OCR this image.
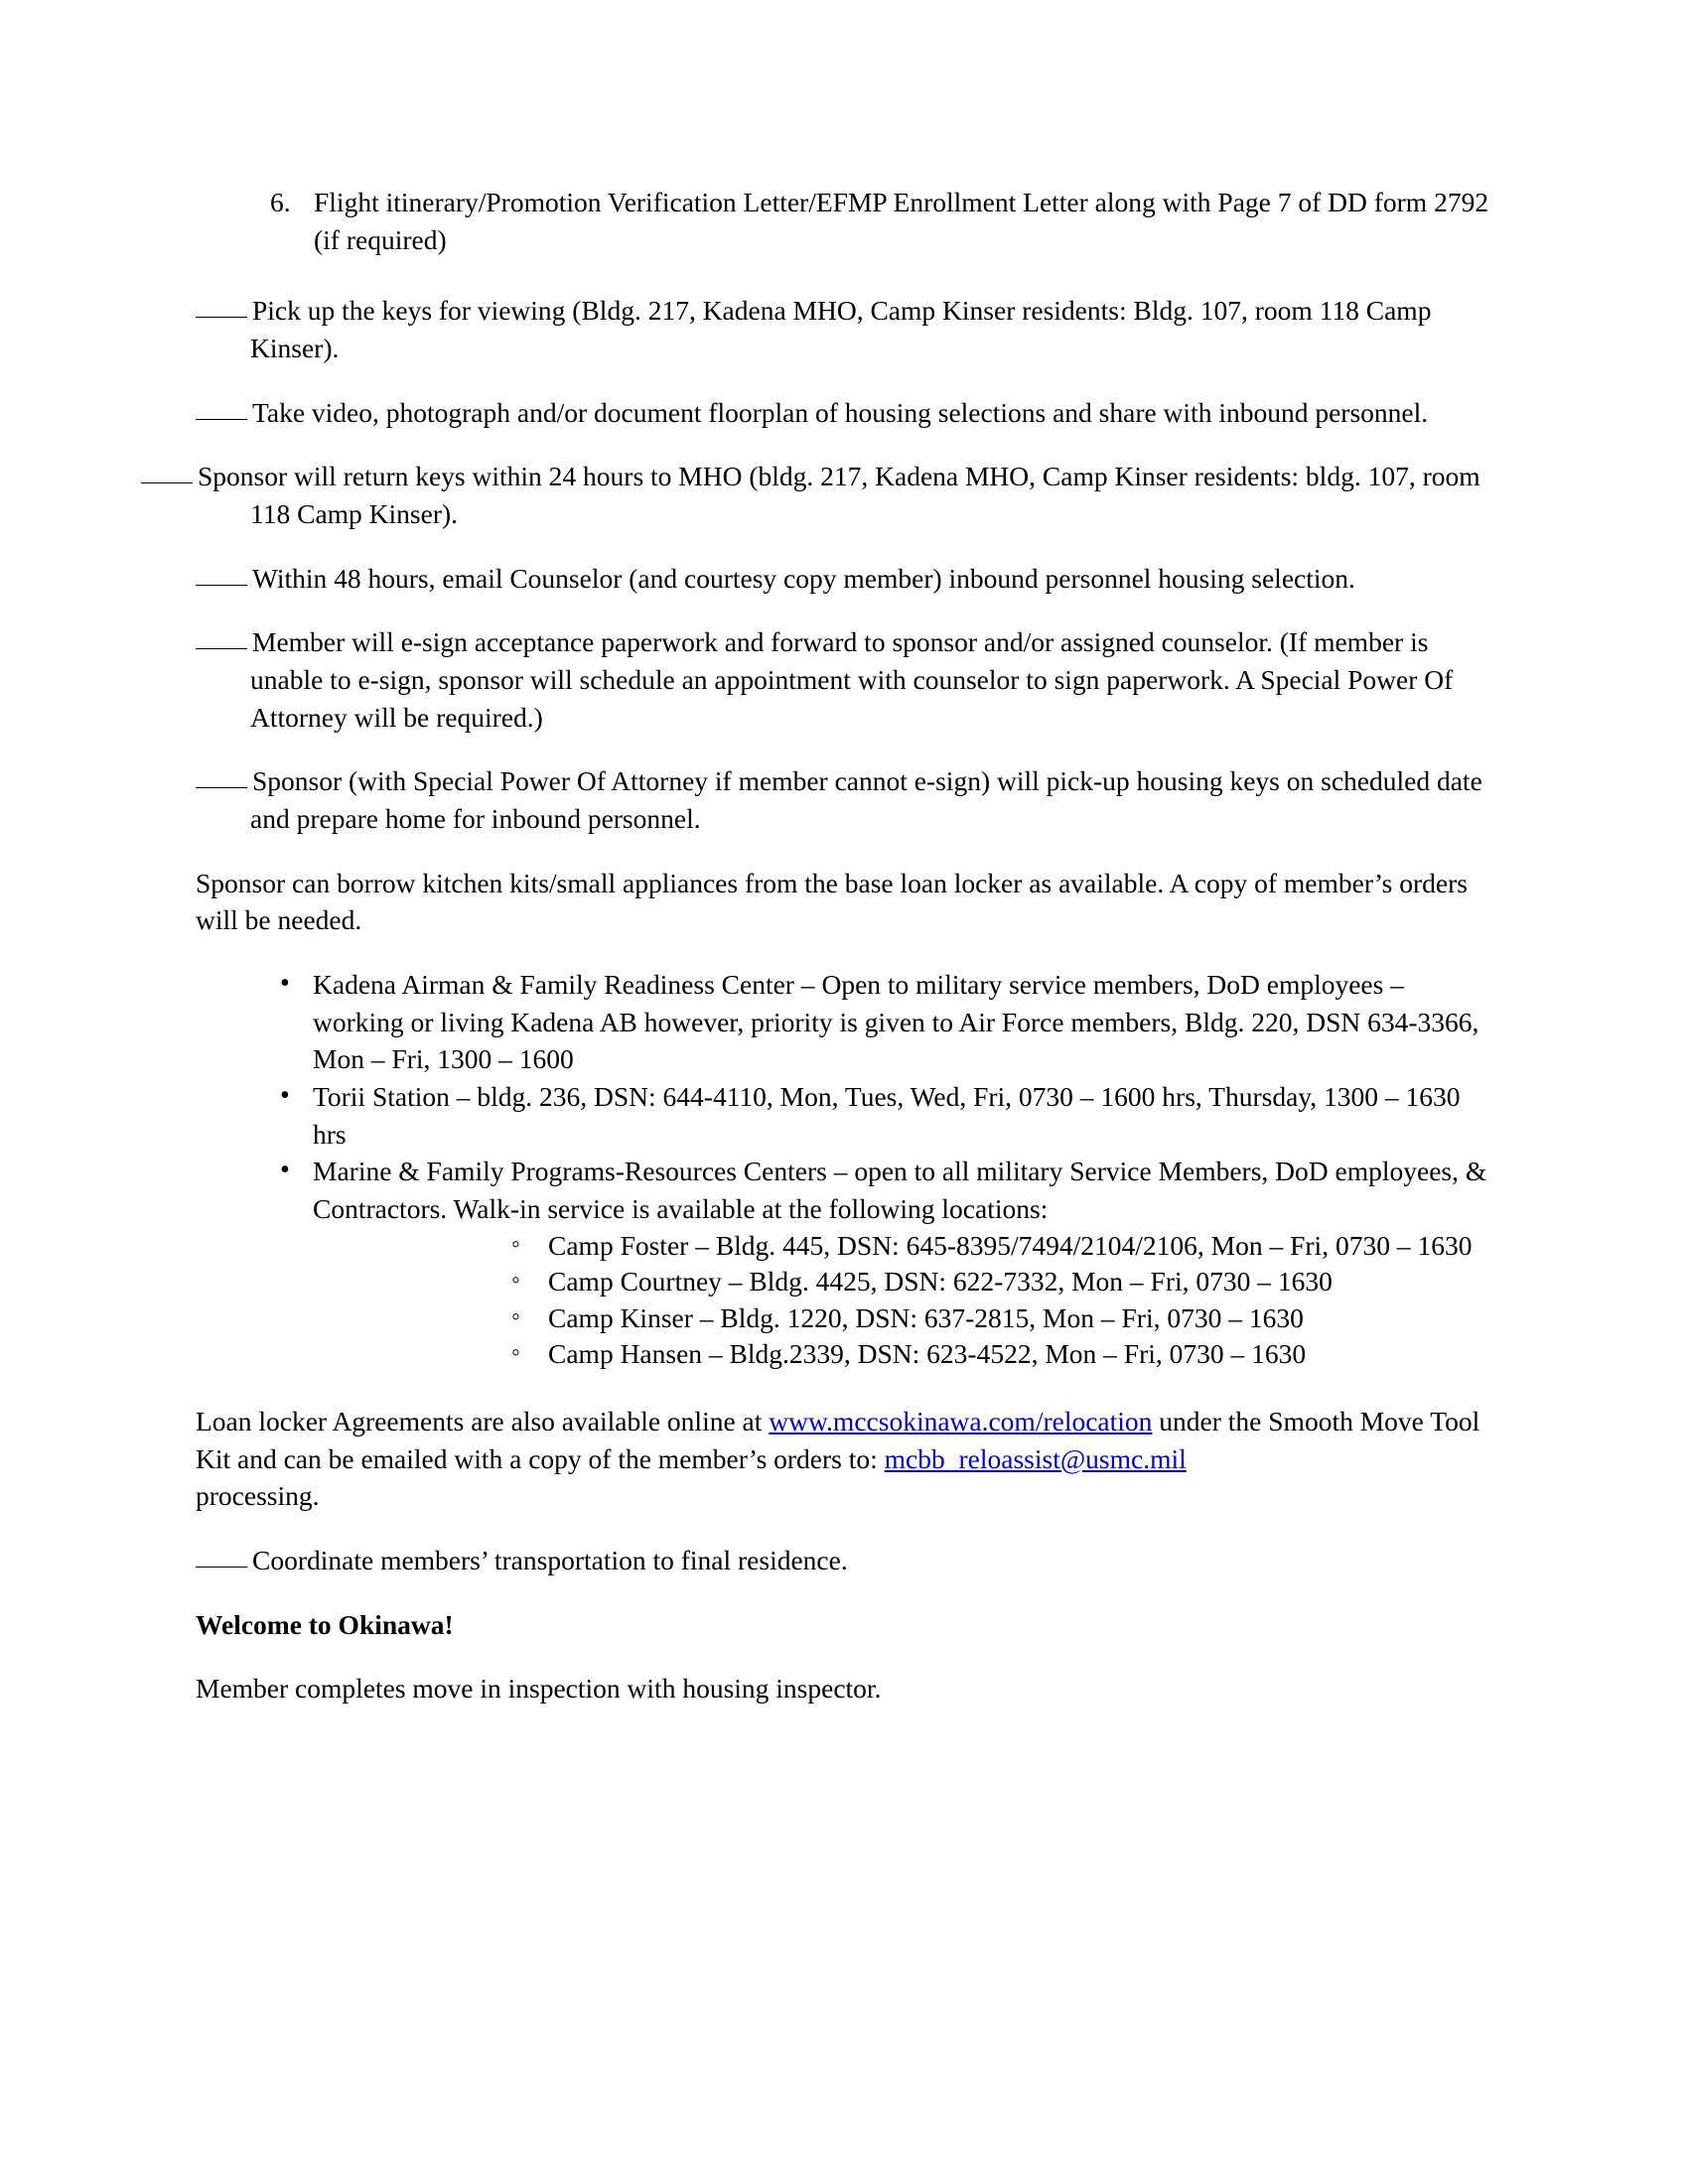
6. Flight itinerary/Promotion Verification Letter/EFMP Enrollment Letter along with Page 7 of DD form 2792 (if required)

Pick up the keys for viewing (Bldg. 217, Kadena MHO, Camp Kinser residents: Bldg. 107, room 118 Camp Kinser).

Take video, photograph and/or document floorplan of housing selections and share with inbound personnel.

Sponsor will return keys within 24 hours to MHO (bldg. 217, Kadena MHO, Camp Kinser residents: bldg. 107, room 118 Camp Kinser).

Within 48 hours, email Counselor (and courtesy copy member) inbound personnel housing selection.

Member will e-sign acceptance paperwork and forward to sponsor and/or assigned counselor. (If member is unable to e-sign, sponsor will schedule an appointment with counselor to sign paperwork. A Special Power Of Attorney will be required.)

Sponsor (with Special Power Of Attorney if member cannot e-sign) will pick-up housing keys on scheduled date and prepare home for inbound personnel.

Sponsor can borrow kitchen kits/small appliances from the base loan locker as available. A copy of member’s orders will be needed.

• Kadena Airman & Family Readiness Center – Open to military service members, DoD employees – working or living Kadena AB however, priority is given to Air Force members, Bldg. 220, DSN 634-3366, Mon – Fri, 1300 – 1600
• Torii Station – bldg. 236, DSN: 644-4110, Mon, Tues, Wed, Fri, 0730 – 1600 hrs, Thursday, 1300 – 1630 hrs
• Marine & Family Programs-Resources Centers – open to all military Service Members, DoD employees, & Contractors. Walk-in service is available at the following locations:
◦ Camp Foster – Bldg. 445, DSN: 645-8395/7494/2104/2106, Mon – Fri, 0730 – 1630
◦ Camp Courtney – Bldg. 4425, DSN: 622-7332, Mon – Fri, 0730 – 1630
◦ Camp Kinser – Bldg. 1220, DSN: 637-2815, Mon – Fri, 0730 – 1630
◦ Camp Hansen – Bldg.2339, DSN: 623-4522, Mon – Fri, 0730 – 1630

Loan locker Agreements are also available online at www.mccsokinawa.com/relocation under the Smooth Move Tool Kit and can be emailed with a copy of the member’s orders to: mcbb_reloassist@usmc.mil
processing.

Coordinate members’ transportation to final residence.

Welcome to Okinawa!

Member completes move in inspection with housing inspector.
